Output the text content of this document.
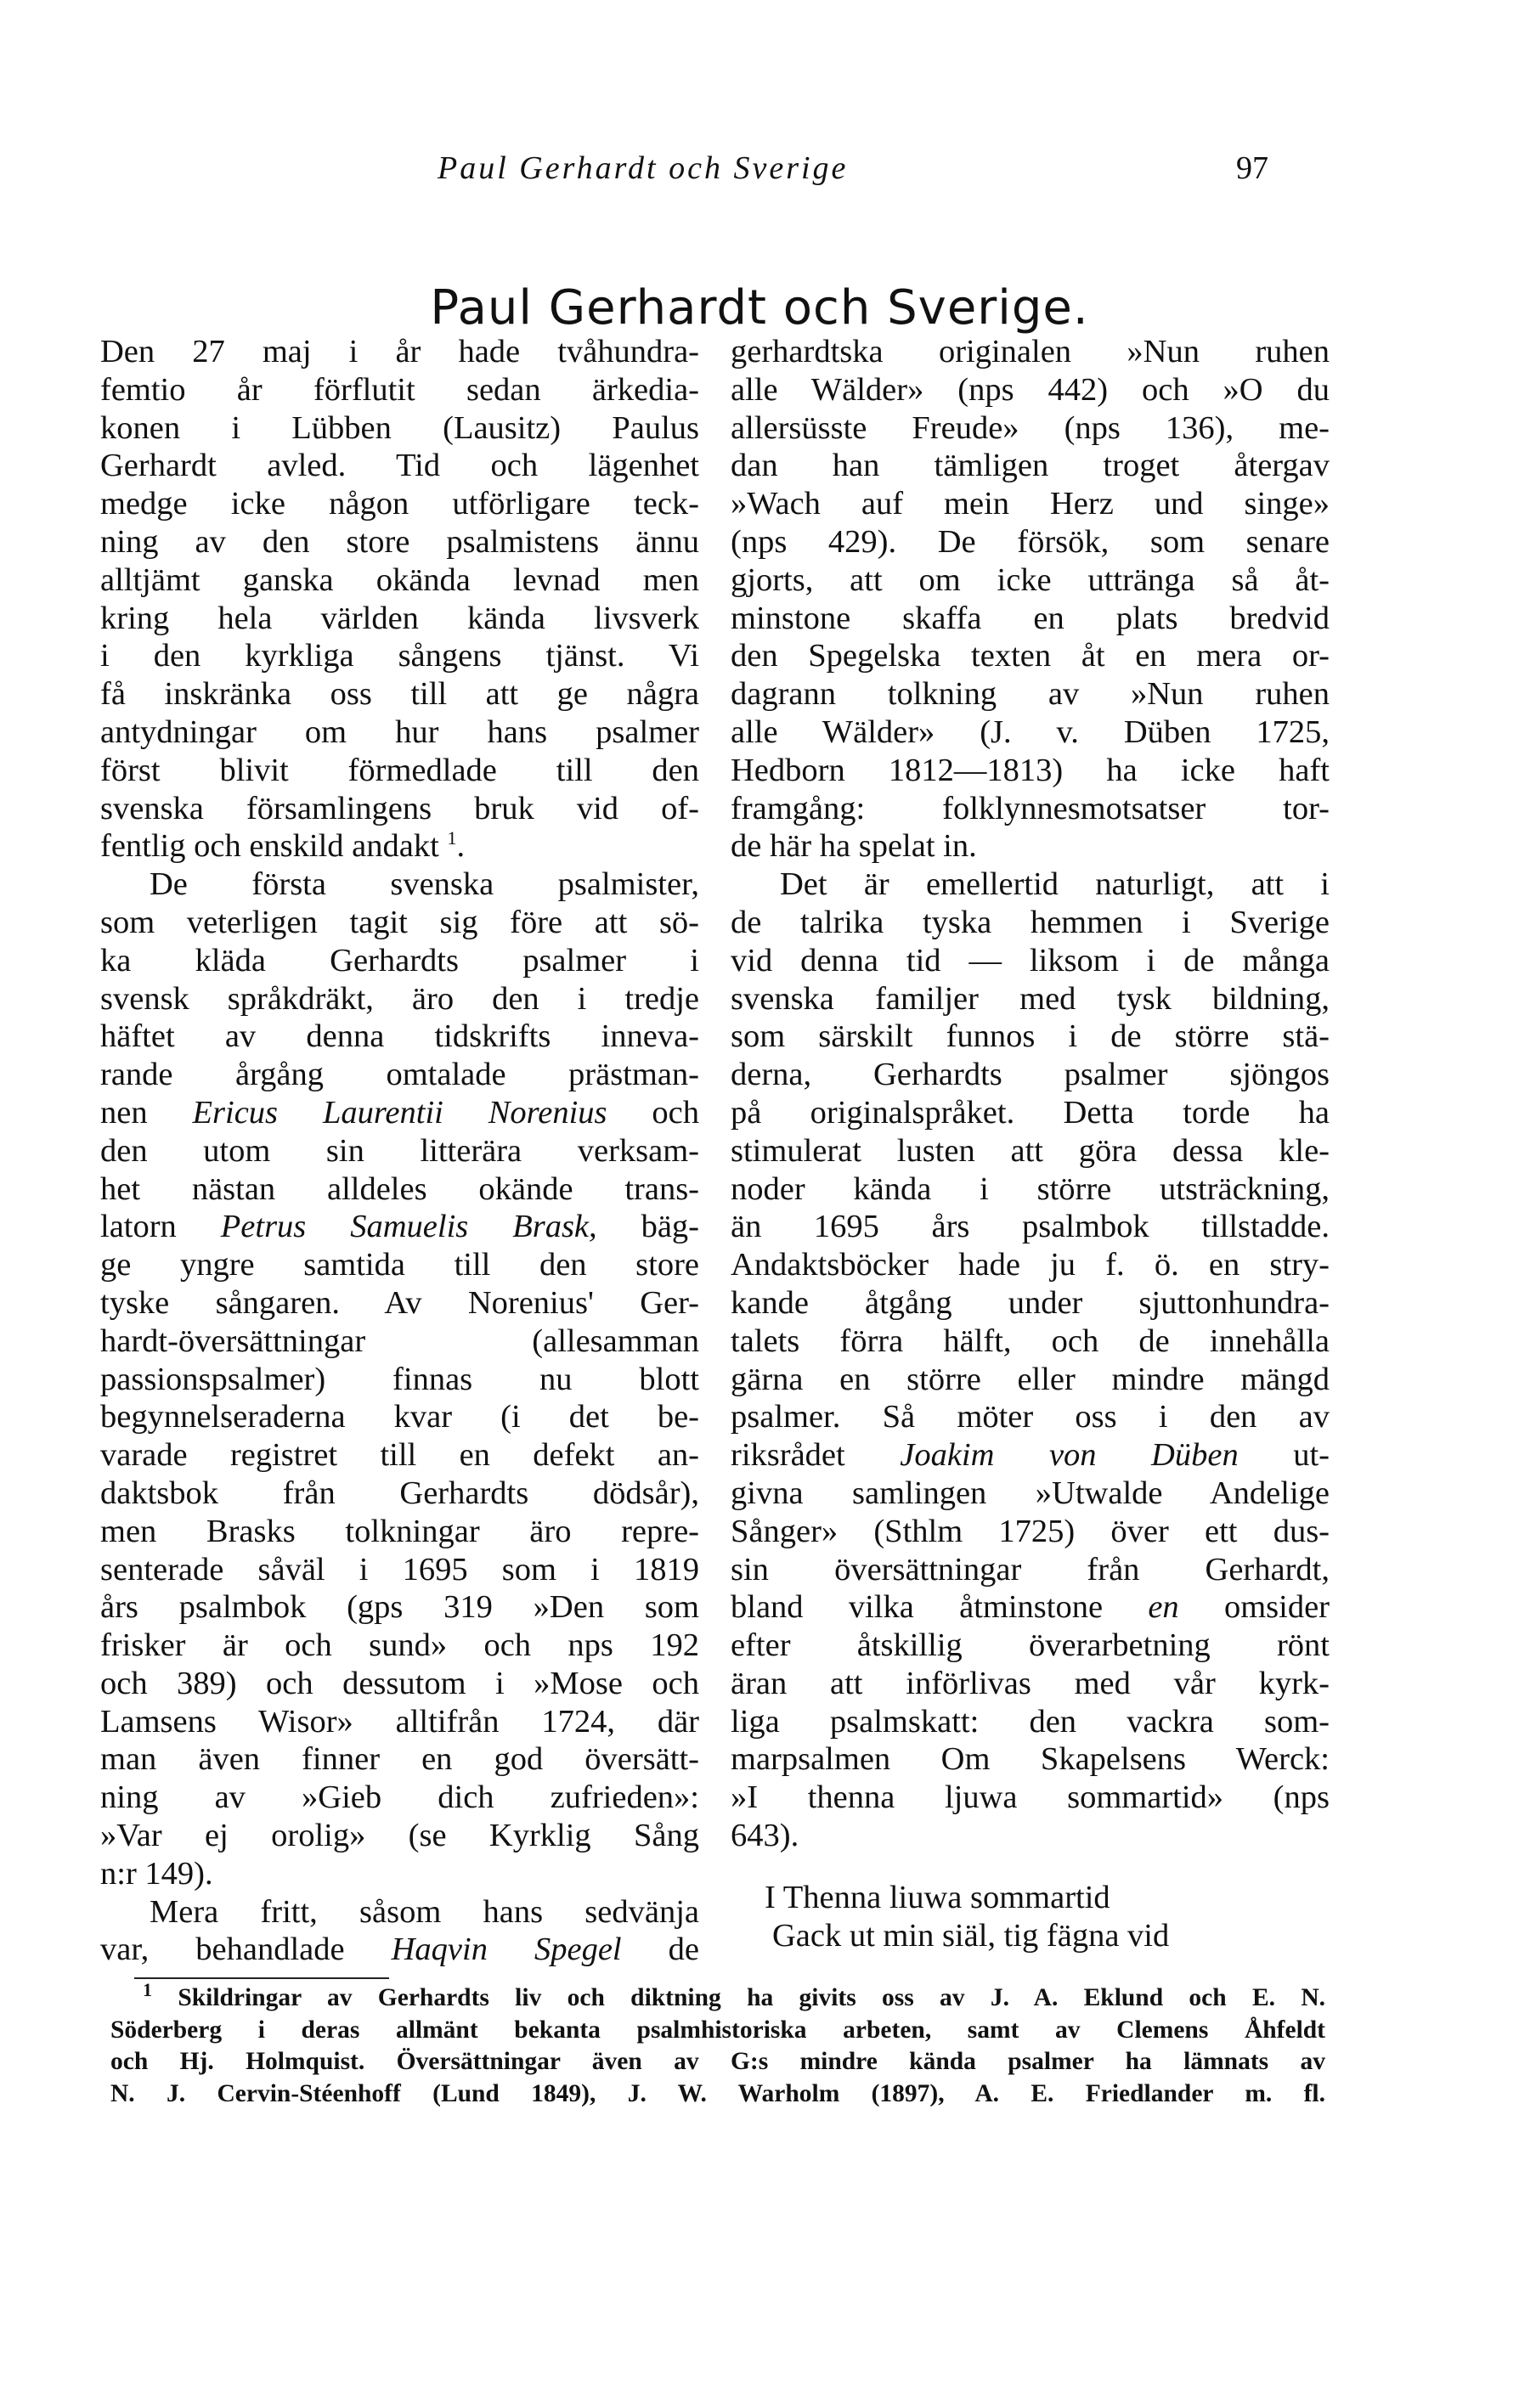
Paul Gerhardt och Sverige	97
Paul Gerhardt och Sverige.
Den 27 maj i år hade tvåhundra-
femtio år förflutit sedan ärkedia-
konen i Lübben (Lausitz) Paulus
Gerhardt avled. Tid och lägenhet
medge icke någon utförligare teck-
ning av den store psalmistens ännu
alltjämt ganska okända levnad men
kring hela världen kända livsverk
i den kyrkliga sångens tjänst. Vi
få inskränka oss till att ge några
antydningar om hur hans psalmer
först blivit förmedlade till den
svenska församlingens bruk vid of-
fentlig och enskild andakt $^1$.
De första svenska psalmister,
som veterligen tagit sig före att sö-
ka kläda Gerhardts psalmer i
svensk språkdräkt, äro den i tredje
häftet av denna tidskrifts inneva-
rande årgång omtalade prästman-
nen Ericus Laurentii Norenius och
den utom sin litterära verksam-
het nästan alldeles okände trans-
latorn Petrus Samuelis Brask, bäg-
ge yngre samtida till den store
tyske sångaren. Av Norenius' Ger-
hardt-översättningar (allesamman
passionspsalmer) finnas nu blott
begynnelseraderna kvar (i det be-
varade registret till en defekt an-
daktsbok från Gerhardts dödsår),
men Brasks tolkningar äro repre-
senterade såväl i 1695 som i 1819
års psalmbok (gps 319 »Den som
frisker är och sund» och nps 192
och 389) och dessutom i »Mose och
Lamsens Wisor» alltifrån 1724, där
man även finner en god översätt-
ning av »Gieb dich zufrieden»:
»Var ej orolig» (se Kyrklig Sång
n:r 149).
Mera fritt, såsom hans sedvänja
var, behandlade Haqvin Spegel de
gerhardtska originalen »Nun ruhen
alle Wälder» (nps 442) och »O du
allersüsste Freude» (nps 136), me-
dan han tämligen troget återgav
»Wach auf mein Herz und singe»
(nps 429). De försök, som senare
gjorts, att om icke uttränga så åt-
minstone skaffa en plats bredvid
den Spegelska texten åt en mera or-
dagrann tolkning av »Nun ruhen
alle Wälder» (J. v. Düben 1725,
Hedborn 1812—1813) ha icke haft
framgång: folklynnesmotsatser tor-
de här ha spelat in.
Det är emellertid naturligt, att i
de talrika tyska hemmen i Sverige
vid denna tid — liksom i de många
svenska familjer med tysk bildning,
som särskilt funnos i de större stä-
derna, Gerhardts psalmer sjöngos
på originalspråket. Detta torde ha
stimulerat lusten att göra dessa kle-
noder kända i större utsträckning,
än 1695 års psalmbok tillstadde.
Andaktsböcker hade ju f. ö. en stry-
kande åtgång under sjuttonhundra-
talets förra hälft, och de innehålla
gärna en större eller mindre mängd
psalmer. Så möter oss i den av
riksrådet Joakim von Düben ut-
givna samlingen »Utwalde Andelige
Sånger» (Sthlm 1725) över ett dus-
sin översättningar från Gerhardt,
bland vilka åtminstone en omsider
efter åtskillig överarbetning rönt
äran att införlivas med vår kyrk-
liga psalmskatt: den vackra som-
marpsalmen Om Skapelsens Werck:
»I thenna ljuwa sommartid» (nps
643).
I Thenna liuwa sommartid
Gack ut min siäl, tig fägna vid
$^1$ Skildringar av Gerhardts liv och diktning ha givits oss av J. A. Eklund och E. N.
Söderberg i deras allmänt bekanta psalmhistoriska arbeten, samt av Clemens Åhfeldt
och Hj. Holmquist. Översättningar även av G:s mindre kända psalmer ha lämnats av
N. J. Cervin-Stéenhoff (Lund 1849), J. W. Warholm (1897), A. E. Friedlander m. fl.
